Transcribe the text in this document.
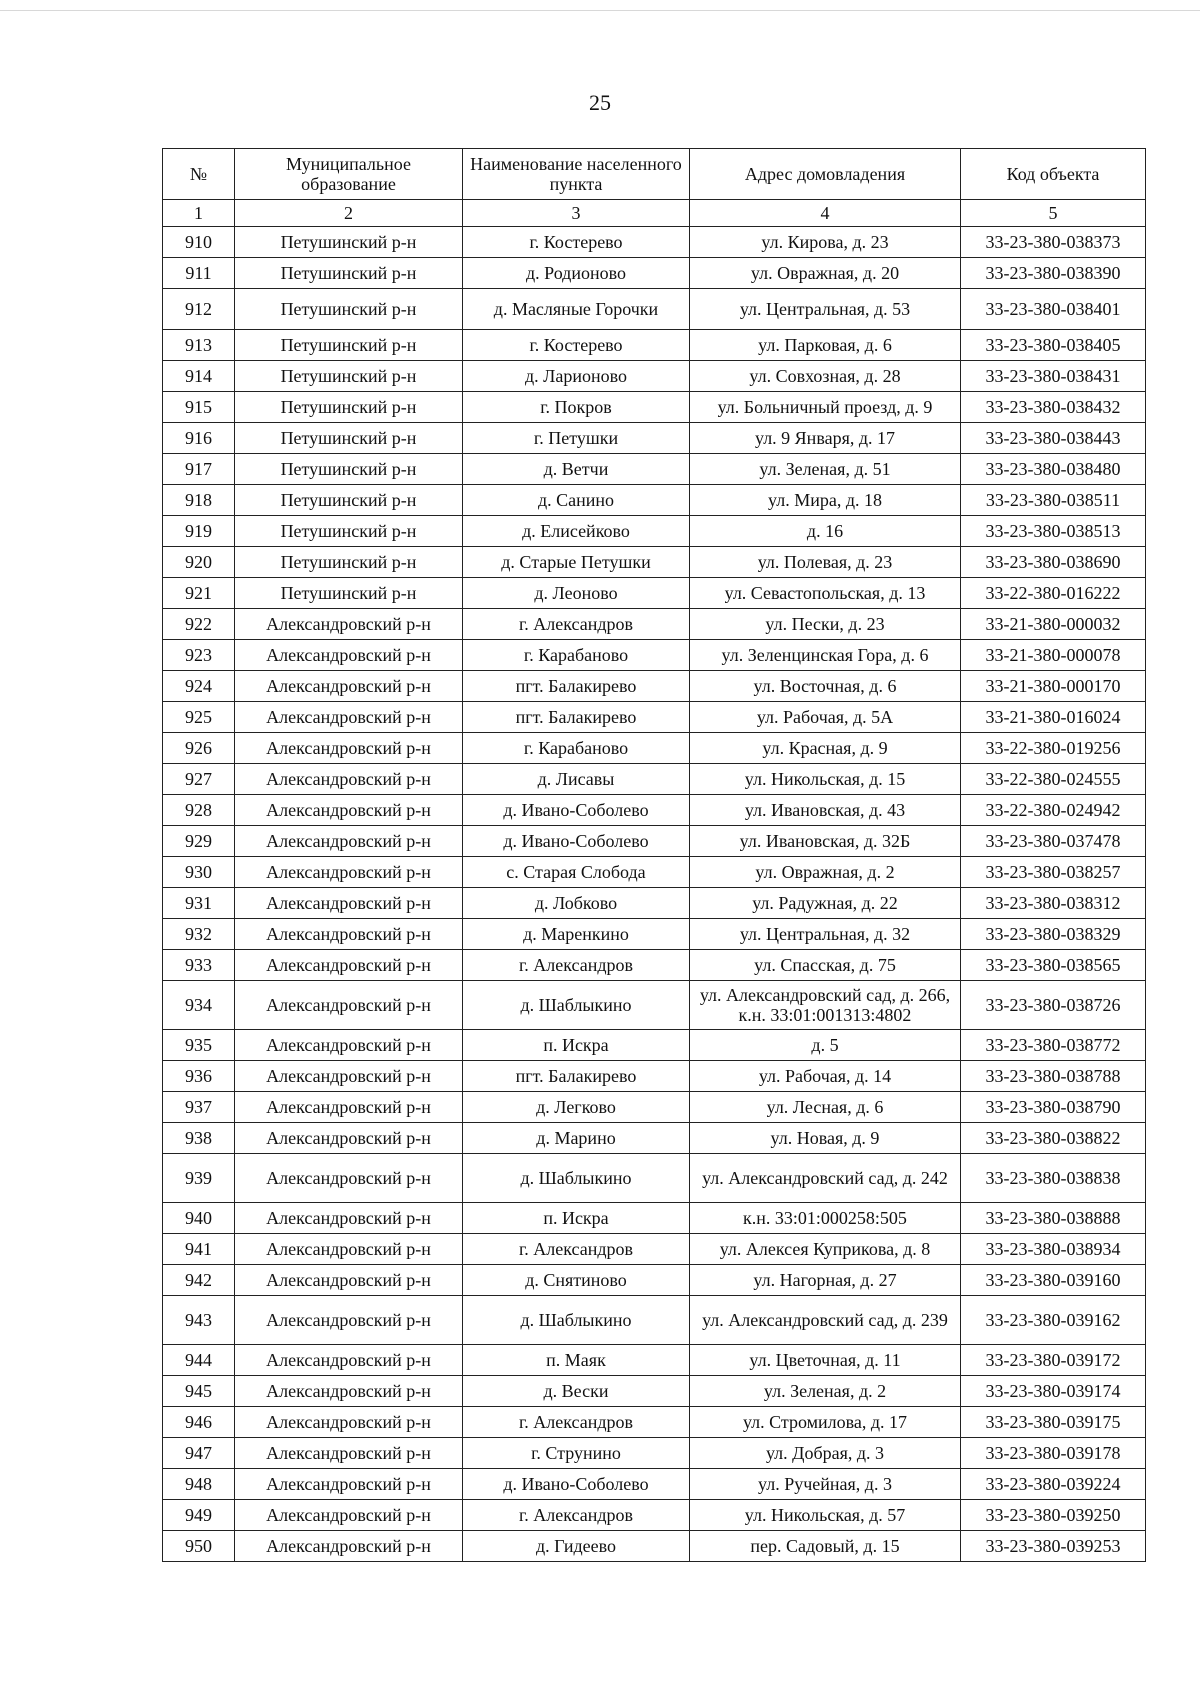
25
№	Муниципальное образование	Наименование населенного пункта	Адрес домовладения	Код объекта
1	2	3	4	5
910	Петушинский р-н	г. Костерево	ул. Кирова, д. 23	33-23-380-038373
911	Петушинский р-н	д. Родионово	ул. Овражная, д. 20	33-23-380-038390
912	Петушинский р-н	д. Масляные Горочки	ул. Центральная, д. 53	33-23-380-038401
913	Петушинский р-н	г. Костерево	ул. Парковая, д. 6	33-23-380-038405
914	Петушинский р-н	д. Ларионово	ул. Совхозная, д. 28	33-23-380-038431
915	Петушинский р-н	г. Покров	ул. Больничный проезд, д. 9	33-23-380-038432
916	Петушинский р-н	г. Петушки	ул. 9 Января, д. 17	33-23-380-038443
917	Петушинский р-н	д. Ветчи	ул. Зеленая, д. 51	33-23-380-038480
918	Петушинский р-н	д. Санино	ул. Мира, д. 18	33-23-380-038511
919	Петушинский р-н	д. Елисейково	д. 16	33-23-380-038513
920	Петушинский р-н	д. Старые Петушки	ул. Полевая, д. 23	33-23-380-038690
921	Петушинский р-н	д. Леоново	ул. Севастопольская, д. 13	33-22-380-016222
922	Александровский р-н	г. Александров	ул. Пески, д. 23	33-21-380-000032
923	Александровский р-н	г. Карабаново	ул. Зеленцинская Гора, д. 6	33-21-380-000078
924	Александровский р-н	пгт. Балакирево	ул. Восточная, д. 6	33-21-380-000170
925	Александровский р-н	пгт. Балакирево	ул. Рабочая, д. 5А	33-21-380-016024
926	Александровский р-н	г. Карабаново	ул. Красная, д. 9	33-22-380-019256
927	Александровский р-н	д. Лисавы	ул. Никольская, д. 15	33-22-380-024555
928	Александровский р-н	д. Ивано-Соболево	ул. Ивановская, д. 43	33-22-380-024942
929	Александровский р-н	д. Ивано-Соболево	ул. Ивановская, д. 32Б	33-23-380-037478
930	Александровский р-н	с. Старая Слобода	ул. Овражная, д. 2	33-23-380-038257
931	Александровский р-н	д. Лобково	ул. Радужная, д. 22	33-23-380-038312
932	Александровский р-н	д. Маренкино	ул. Центральная, д. 32	33-23-380-038329
933	Александровский р-н	г. Александров	ул. Спасская, д. 75	33-23-380-038565
934	Александровский р-н	д. Шаблыкино	ул. Александровский сад, д. 266, к.н. 33:01:001313:4802	33-23-380-038726
935	Александровский р-н	п. Искра	д. 5	33-23-380-038772
936	Александровский р-н	пгт. Балакирево	ул. Рабочая, д. 14	33-23-380-038788
937	Александровский р-н	д. Легково	ул. Лесная, д. 6	33-23-380-038790
938	Александровский р-н	д. Марино	ул. Новая, д. 9	33-23-380-038822
939	Александровский р-н	д. Шаблыкино	ул. Александровский сад, д. 242	33-23-380-038838
940	Александровский р-н	п. Искра	к.н. 33:01:000258:505	33-23-380-038888
941	Александровский р-н	г. Александров	ул. Алексея Куприкова, д. 8	33-23-380-038934
942	Александровский р-н	д. Снятиново	ул. Нагорная, д. 27	33-23-380-039160
943	Александровский р-н	д. Шаблыкино	ул. Александровский сад, д. 239	33-23-380-039162
944	Александровский р-н	п. Маяк	ул. Цветочная, д. 11	33-23-380-039172
945	Александровский р-н	д. Вески	ул. Зеленая, д. 2	33-23-380-039174
946	Александровский р-н	г. Александров	ул. Стромилова, д. 17	33-23-380-039175
947	Александровский р-н	г. Струнино	ул. Добрая, д. 3	33-23-380-039178
948	Александровский р-н	д. Ивано-Соболево	ул. Ручейная, д. 3	33-23-380-039224
949	Александровский р-н	г. Александров	ул. Никольская, д. 57	33-23-380-039250
950	Александровский р-н	д. Гидеево	пер. Садовый, д. 15	33-23-380-039253
